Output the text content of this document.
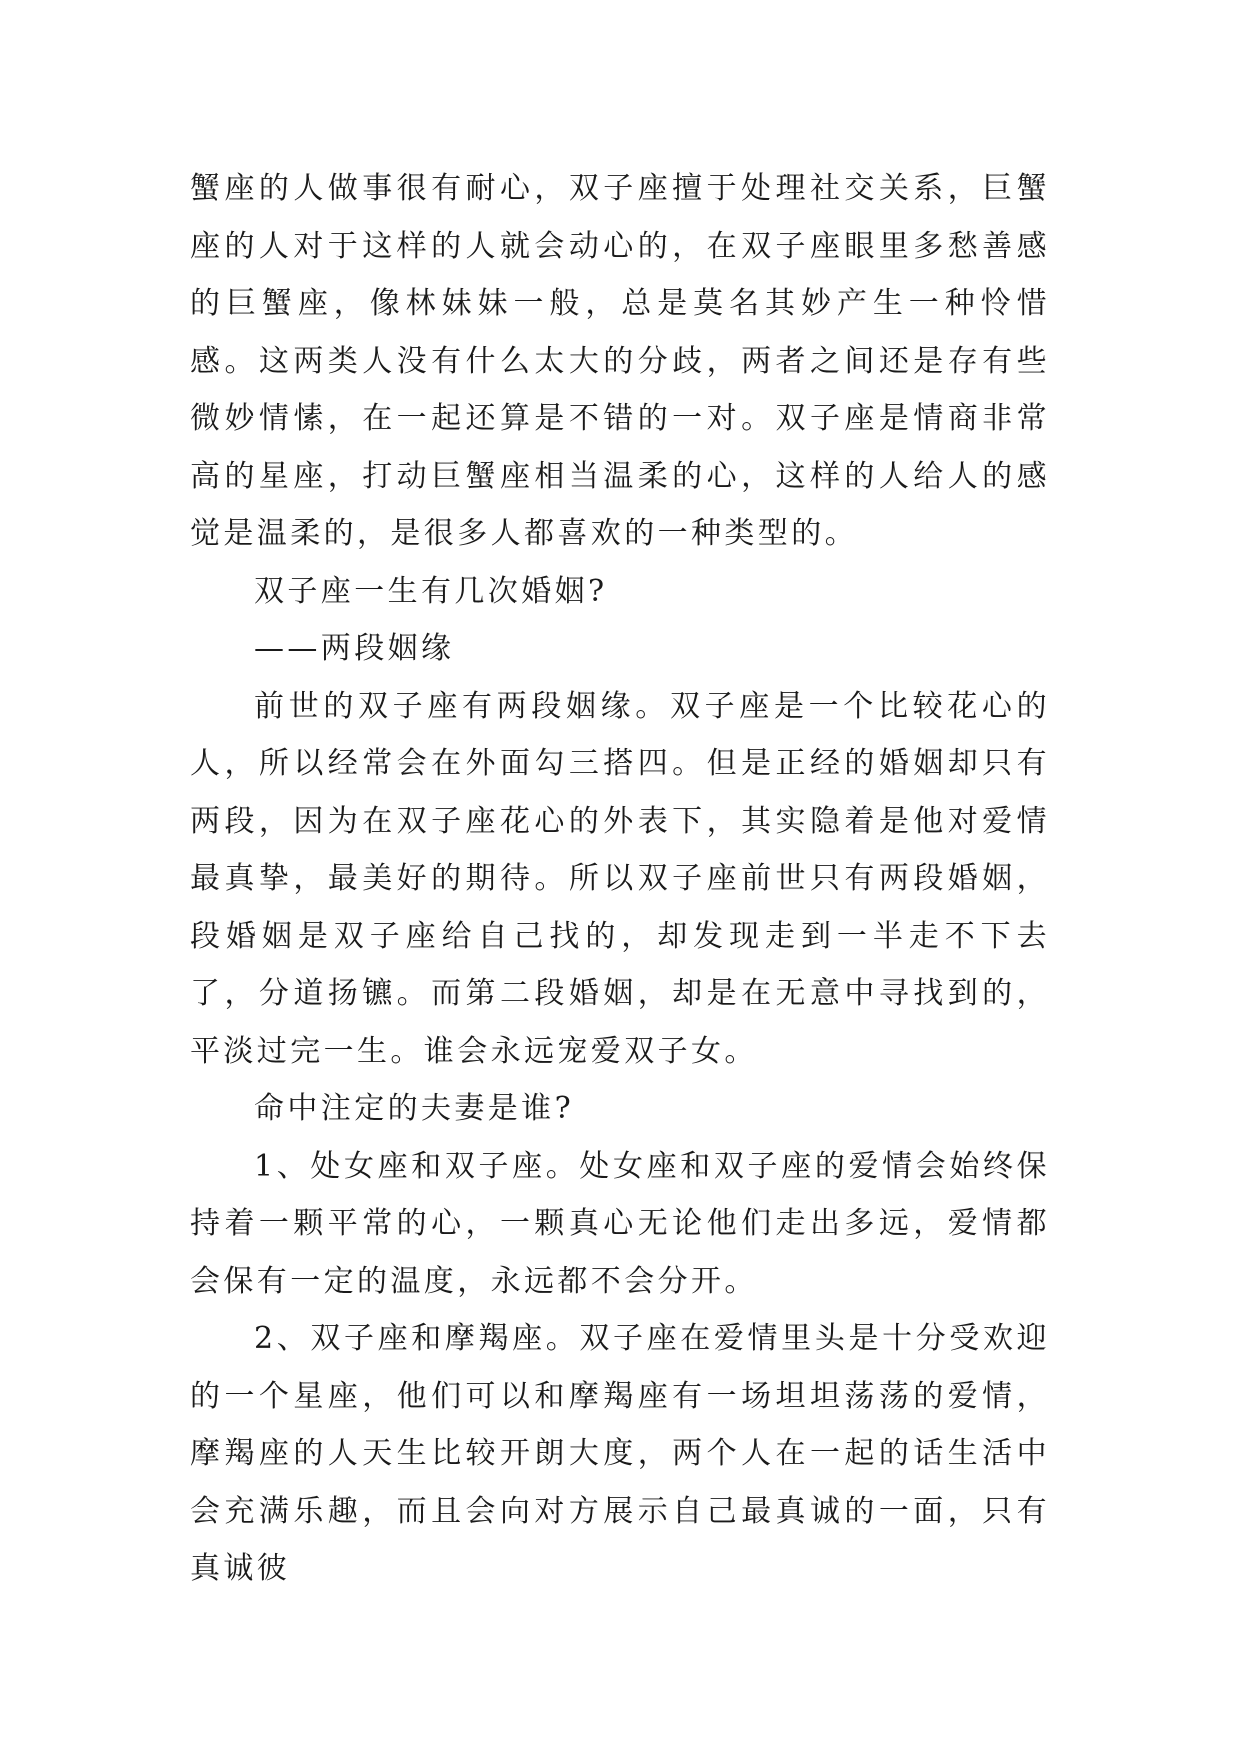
蟹座的人做事很有耐心，双子座擅于处理社交关系，巨蟹座的人对于这样的人就会动心的，在双子座眼里多愁善感的巨蟹座，像林妹妹一般，总是莫名其妙产生一种怜惜感。这两类人没有什么太大的分歧，两者之间还是存有些微妙情愫，在一起还算是不错的一对。双子座是情商非常高的星座，打动巨蟹座相当温柔的心，这样的人给人的感觉是温柔的，是很多人都喜欢的一种类型的。

双子座一生有几次婚姻?

——两段姻缘

前世的双子座有两段姻缘。双子座是一个比较花心的人，所以经常会在外面勾三搭四。但是正经的婚姻却只有两段，因为在双子座花心的外表下，其实隐着是他对爱情最真挚，最美好的期待。所以双子座前世只有两段婚姻，段婚姻是双子座给自己找的，却发现走到一半走不下去了，分道扬镳。而第二段婚姻，却是在无意中寻找到的，平淡过完一生。谁会永远宠爱双子女。

命中注定的夫妻是谁?

1、处女座和双子座。处女座和双子座的爱情会始终保持着一颗平常的心，一颗真心无论他们走出多远，爱情都会保有一定的温度，永远都不会分开。

2、双子座和摩羯座。双子座在爱情里头是十分受欢迎的一个星座，他们可以和摩羯座有一场坦坦荡荡的爱情，摩羯座的人天生比较开朗大度，两个人在一起的话生活中会充满乐趣，而且会向对方展示自己最真诚的一面，只有真诚彼
